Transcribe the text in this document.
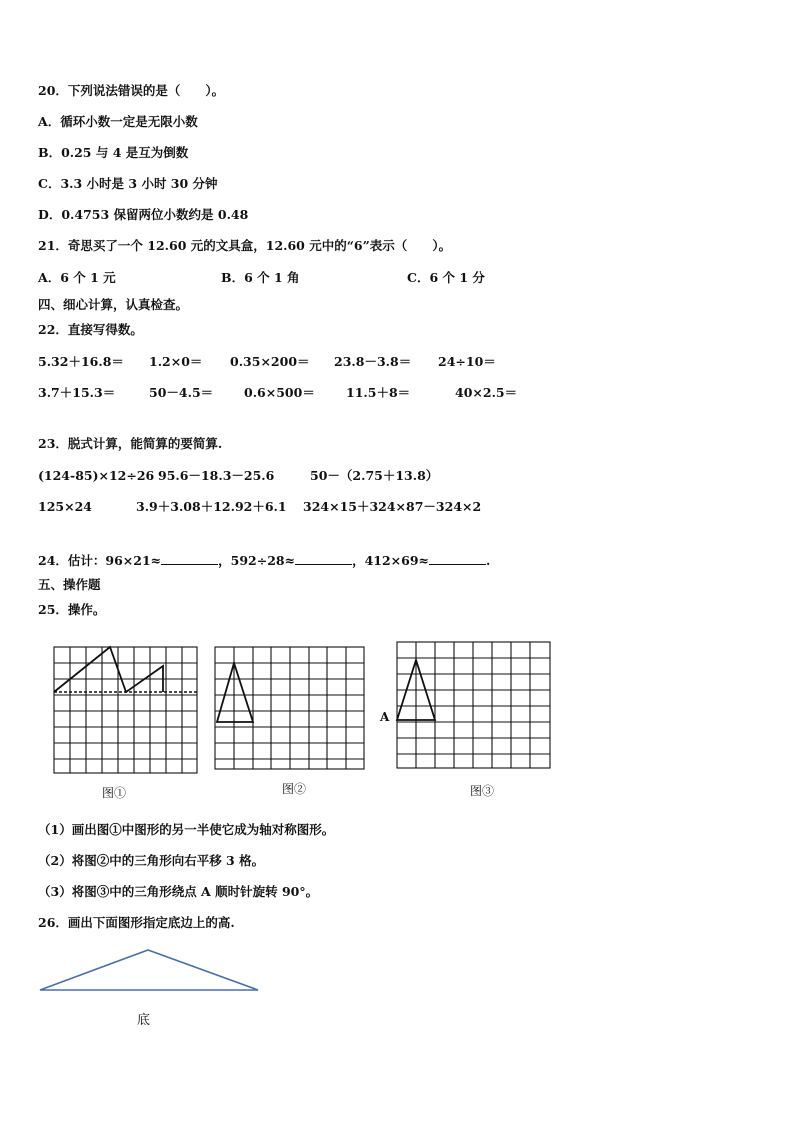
20．下列说法错误的是（　　）。
A．循环小数一定是无限小数
B．0.25 与 4 是互为倒数
C．3.3 小时是 3 小时 30 分钟
D．0.4753 保留两位小数约是 0.48
21．奇思买了一个 12.60 元的文具盒，12.60 元中的“6”表示（　　）。
A．6 个 1 元	B．6 个 1 角	C．6 个 1 分
四、细心计算，认真检查。
22．直接写得数。
5.32＋16.8＝ 1.2×0＝ 0.35×200＝ 23.8－3.8＝ 24÷10＝
3.7＋15.3＝	50－4.5＝ 0.6×500＝ 11.5＋8＝	40×2.5＝
23．脱式计算，能简算的要简算.
(124-85)×12÷26 95.6－18.3－25.6	50－（2.75＋13.8）
125×24	3.9＋3.08＋12.92＋6.1 324×15＋324×87－324×2
24．估计：96×21≈	，592÷28≈	，412×69≈	.
五、操作题
25．操作。
A
图①	图②	图③
（1）画出图①中图形的另一半使它成为轴对称图形。
（2）将图②中的三角形向右平移 3 格。
（3）将图③中的三角形绕点 A 顺时针旋转 90°。
26．画出下面图形指定底边上的高.
底
